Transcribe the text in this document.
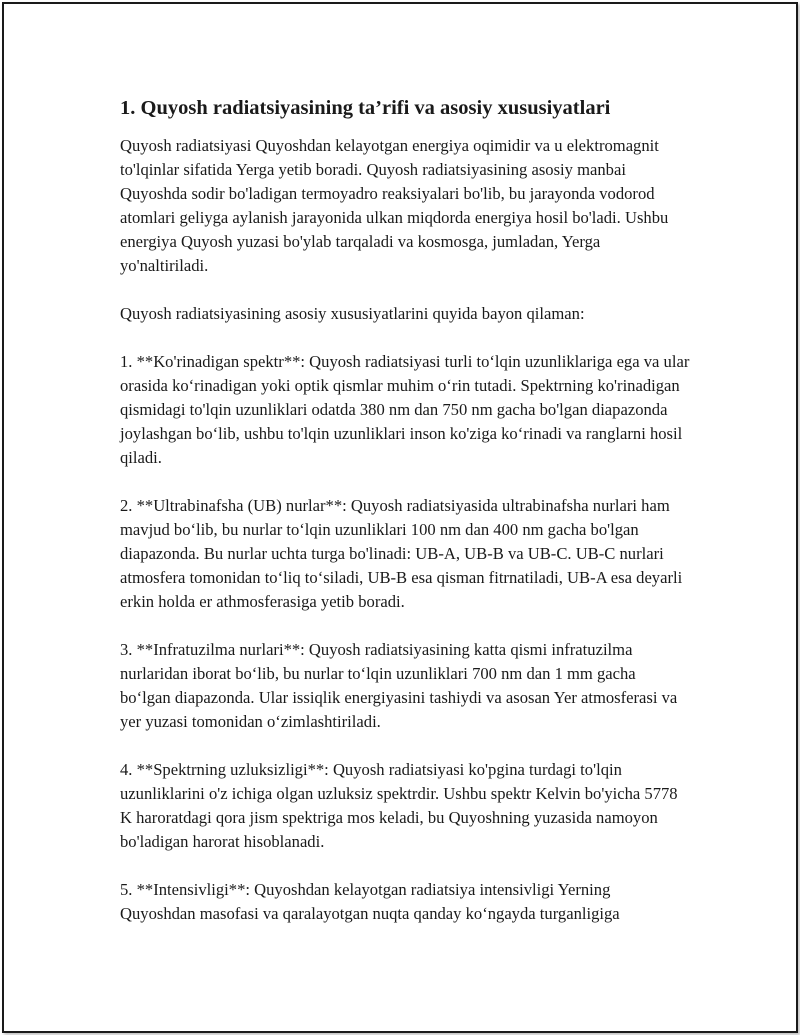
1. Quyosh radiatsiyasining ta’rifi va asosiy xususiyatlari

Quyosh radiatsiyasi Quyoshdan kelayotgan energiya oqimidir va u elektromagnit to'lqinlar sifatida Yerga yetib boradi. Quyosh radiatsiyasining asosiy manbai Quyoshda sodir bo'ladigan termoyadro reaksiyalari bo'lib, bu jarayonda vodorod atomlari geliyga aylanish jarayonida ulkan miqdorda energiya hosil bo'ladi. Ushbu energiya Quyosh yuzasi bo'ylab tarqaladi va kosmosga, jumladan, Yerga yo'naltiriladi.

Quyosh radiatsiyasining asosiy xususiyatlarini quyida bayon qilaman:

1. **Ko'rinadigan spektr**: Quyosh radiatsiyasi turli to‘lqin uzunliklariga ega va ular orasida ko‘rinadigan yoki optik qismlar muhim o‘rin tutadi. Spektrning ko'rinadigan qismidagi to'lqin uzunliklari odatda 380 nm dan 750 nm gacha bo'lgan diapazonda joylashgan bo‘lib, ushbu to'lqin uzunliklari inson ko'ziga ko‘rinadi va ranglarni hosil qiladi.

2. **Ultrabinafsha (UB) nurlar**: Quyosh radiatsiyasida ultrabinafsha nurlari ham mavjud bo‘lib, bu nurlar to‘lqin uzunliklari 100 nm dan 400 nm gacha bo'lgan diapazonda. Bu nurlar uchta turga bo'linadi: UB-A, UB-B va UB-C. UB-C nurlari atmosfera tomonidan to‘liq to‘siladi, UB-B esa qisman fitrnatiladi, UB-A esa deyarli erkin holda er athmosferasiga yetib boradi.

3. **Infratuzilma nurlari**: Quyosh radiatsiyasining katta qismi infratuzilma nurlaridan iborat bo‘lib, bu nurlar to‘lqin uzunliklari 700 nm dan 1 mm gacha bo‘lgan diapazonda. Ular issiqlik energiyasini tashiydi va asosan Yer atmosferasi va yer yuzasi tomonidan o‘zimlashtiriladi.

4. **Spektrning uzluksizligi**: Quyosh radiatsiyasi ko'pgina turdagi to'lqin uzunliklarini o'z ichiga olgan uzluksiz spektrdir. Ushbu spektr Kelvin bo'yicha 5778 K haroratdagi qora jism spektriga mos keladi, bu Quyoshning yuzasida namoyon bo'ladigan harorat hisoblanadi.

5. **Intensivligi**: Quyoshdan kelayotgan radiatsiya intensivligi Yerning Quyoshdan masofasi va qaralayotgan nuqta qanday ko‘ngayda turganligiga
